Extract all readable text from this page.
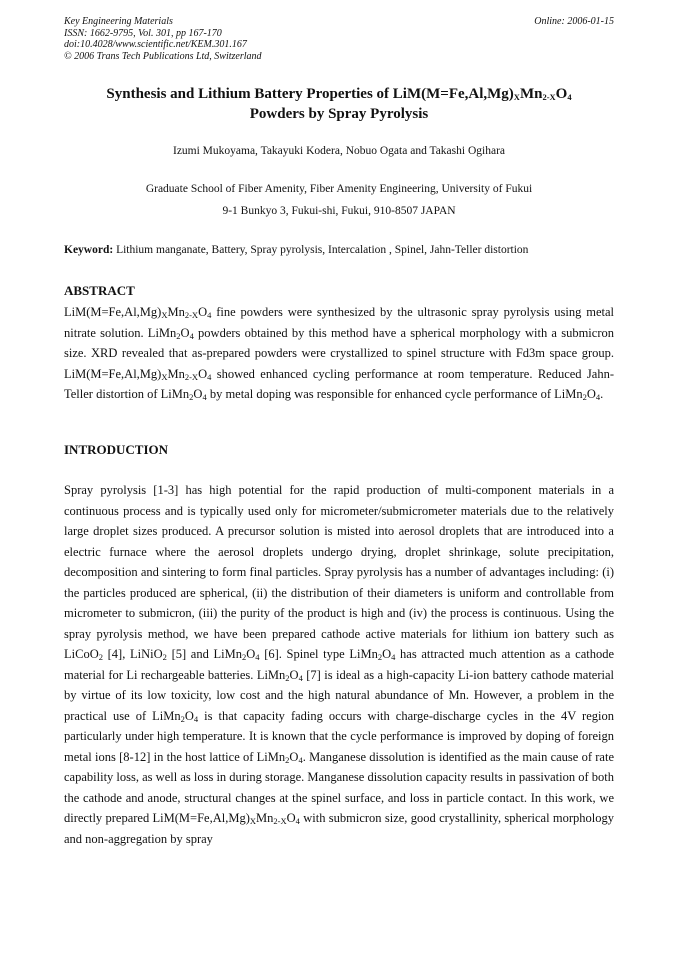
Key Engineering Materials
ISSN: 1662-9795, Vol. 301, pp 167-170
doi:10.4028/www.scientific.net/KEM.301.167
© 2006 Trans Tech Publications Ltd, Switzerland
Online: 2006-01-15
Synthesis and Lithium Battery Properties of $LiM(M=Fe,Al,Mg)_XMn_{2-X}O_4$
Powders by Spray Pyrolysis
Izumi Mukoyama, Takayuki Kodera, Nobuo Ogata and Takashi Ogihara
Graduate School of Fiber Amenity, Fiber Amenity Engineering, University of Fukui
9-1 Bunkyo 3, Fukui-shi, Fukui, 910-8507 JAPAN
Keyword: Lithium manganate, Battery, Spray pyrolysis, Intercalation , Spinel, Jahn-Teller distortion
ABSTRACT
$LiM(M=Fe,Al,Mg)_XMn_{2-X}O_4$ fine powders were synthesized by the ultrasonic spray pyrolysis using metal nitrate solution. $LiMn_2O_4$ powders obtained by this method have a spherical morphology with a submicron size. XRD revealed that as-prepared powders were crystallized to spinel structure with Fd3m space group. $LiM(M=Fe,Al,Mg)_XMn_{2-X}O_4$ showed enhanced cycling performance at room temperature. Reduced Jahn-Teller distortion of $LiMn_2O_4$ by metal doping was responsible for enhanced cycle performance of $LiMn_2O_4$.
INTRODUCTION
Spray pyrolysis [1-3] has high potential for the rapid production of multi-component materials in a continuous process and is typically used only for micrometer/submicrometer materials due to the relatively large droplet sizes produced. A precursor solution is misted into aerosol droplets that are introduced into a electric furnace where the aerosol droplets undergo drying, droplet shrinkage, solute precipitation, decomposition and sintering to form final particles. Spray pyrolysis has a number of advantages including: (i) the particles produced are spherical, (ii) the distribution of their diameters is uniform and controllable from micrometer to submicron, (iii) the purity of the product is high and (iv) the process is continuous. Using the spray pyrolysis method, we have been prepared cathode active materials for lithium ion battery such as LiCoO$_2$ [4], LiNiO$_2$ [5] and $LiMn_2O_4$ [6]. Spinel type $LiMn_2O_4$ has attracted much attention as a cathode material for Li rechargeable batteries. $LiMn_2O_4$ [7] is ideal as a high-capacity Li-ion battery cathode material by virtue of its low toxicity, low cost and the high natural abundance of Mn. However, a problem in the practical use of $LiMn_2O_4$ is that capacity fading occurs with charge-discharge cycles in the 4V region particularly under high temperature. It is known that the cycle performance is improved by doping of foreign metal ions [8-12] in the host lattice of $LiMn_2O_4$. Manganese dissolution is identified as the main cause of rate capability loss, as well as loss in during storage. Manganese dissolution capacity results in passivation of both the cathode and anode, structural changes at the spinel surface, and loss in particle contact. In this work, we directly prepared $LiM(M=Fe,Al,Mg)_XMn_{2-X}O_4$ with submicron size, good crystallinity, spherical morphology and non-aggregation by spray
